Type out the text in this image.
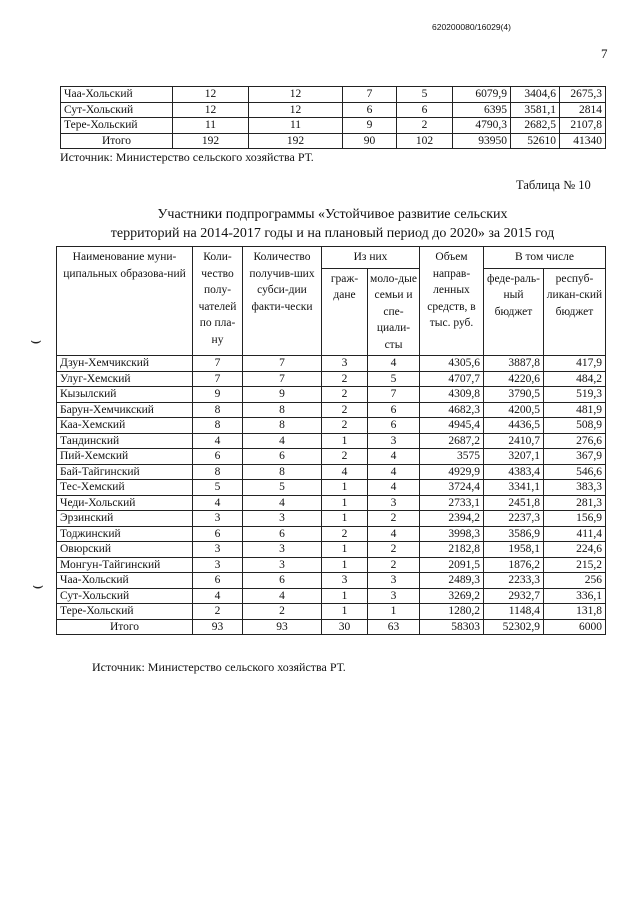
620200080/16029(4)
7
Чаа-Хольский	12	12	7	5	6079,9	3404,6	2675,3
Сут-Хольский	12	12	6	6	6395	3581,1	2814
Тере-Хольский	11	11	9	2	4790,3	2682,5	2107,8
Итого	192	192	90	102	93950	52610	41340
Источник: Министерство сельского хозяйства РТ.
Таблица № 10
Участники подпрограммы «Устойчивое развитие сельских
территорий на 2014-2017 годы и на плановый период до 2020» за 2015 год
Наименование муни-ципальных образова-ний	Коли-чество полу-чателей по пла-ну	Количество получив-ших субси-дии факти-чески	Из них		Объем направ-ленных средств, в тыс. руб.	В том числе	
			граж-дане	моло-дые семьи и спе-циали-сты		феде-раль-ный бюджет	респуб-ликан-ский бюджет
Дзун-Хемчикский	7	7	3	4	4305,6	3887,8	417,9
Улуг-Хемский	7	7	2	5	4707,7	4220,6	484,2
Кызылский	9	9	2	7	4309,8	3790,5	519,3
Барун-Хемчикский	8	8	2	6	4682,3	4200,5	481,9
Каа-Хемский	8	8	2	6	4945,4	4436,5	508,9
Тандинский	4	4	1	3	2687,2	2410,7	276,6
Пий-Хемский	6	6	2	4	3575	3207,1	367,9
Бай-Тайгинский	8	8	4	4	4929,9	4383,4	546,6
Тес-Хемский	5	5	1	4	3724,4	3341,1	383,3
Чеди-Хольский	4	4	1	3	2733,1	2451,8	281,3
Эрзинский	3	3	1	2	2394,2	2237,3	156,9
Тоджинский	6	6	2	4	3998,3	3586,9	411,4
Овюрский	3	3	1	2	2182,8	1958,1	224,6
Монгун-Тайгинский	3	3	1	2	2091,5	1876,2	215,2
Чаа-Хольский	6	6	3	3	2489,3	2233,3	256
Сут-Хольский	4	4	1	3	3269,2	2932,7	336,1
Тере-Хольский	2	2	1	1	1280,2	1148,4	131,8
Итого	93	93	30	63	58303	52302,9	6000
Источник: Министерство сельского хозяйства РТ.
⌣
⌣
